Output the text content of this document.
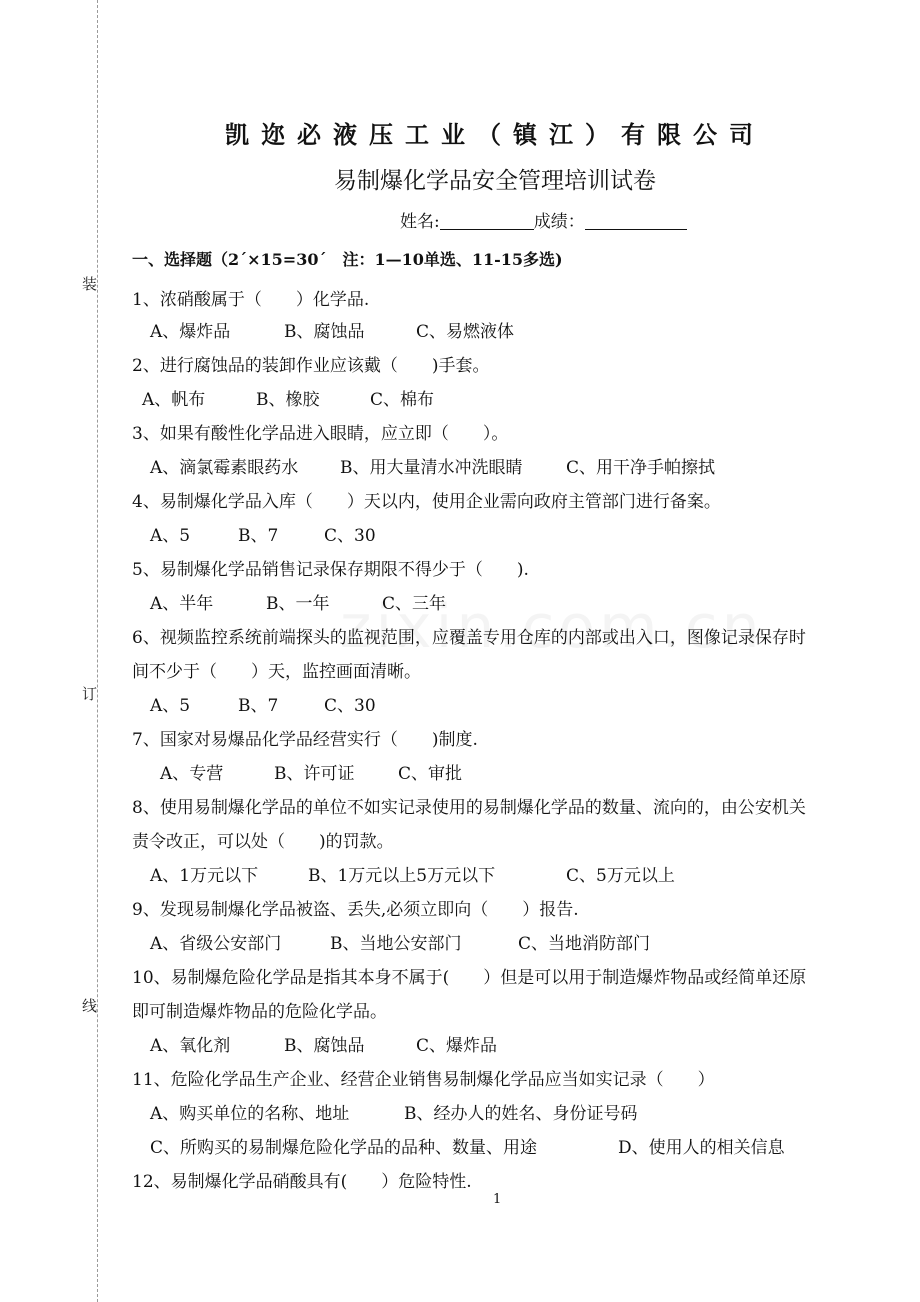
装
订
线
凯迩必液压工业（镇江）有限公司
易制爆化学品安全管理培训试卷
姓名:	成绩：
一、选择题（2´×15=30´　注：1—10单选、11-15多选)
1、浓硝酸属于（　　）化学品.
A、爆炸品	B、腐蚀品	C、易燃液体
2、进行腐蚀品的装卸作业应该戴（　　)手套。
A、帆布	B、橡胶	C、棉布
3、如果有酸性化学品进入眼睛，应立即（　　）。
A、滴氯霉素眼药水 B、用大量清水冲洗眼睛	C、用干净手帕擦拭
4、易制爆化学品入库（　　）天以内，使用企业需向政府主管部门进行备案。
A、5	B、7	C、30
5、易制爆化学品销售记录保存期限不得少于（　　).
A、半年	B、一年	C、三年
6、视频监控系统前端探头的监视范围，应覆盖专用仓库的内部或出入口，图像记录保存时
间不少于（　　）天，监控画面清晰。
A、5	B、7	C、30
7、国家对易爆品化学品经营实行（　　)制度.
A、专营	B、许可证	C、审批
8、使用易制爆化学品的单位不如实记录使用的易制爆化学品的数量、流向的，由公安机关
责令改正，可以处（　　)的罚款。
A、1万元以下	B、1万元以上5万元以下	C、5万元以上
9、发现易制爆化学品被盗、丢失,必须立即向（　　）报告.
A、省级公安部门	B、当地公安部门	C、当地消防部门
10、易制爆危险化学品是指其本身不属于(　　）但是可以用于制造爆炸物品或经简单还原
即可制造爆炸物品的危险化学品。
A、氧化剂	B、腐蚀品	C、爆炸品
11、危险化学品生产企业、经营企业销售易制爆化学品应当如实记录（　　）
A、购买单位的名称、地址	B、经办人的姓名、身份证号码
C、所购买的易制爆危险化学品的品种、数量、用途	D、使用人的相关信息
12、易制爆化学品硝酸具有(　　）危险特性.
1
